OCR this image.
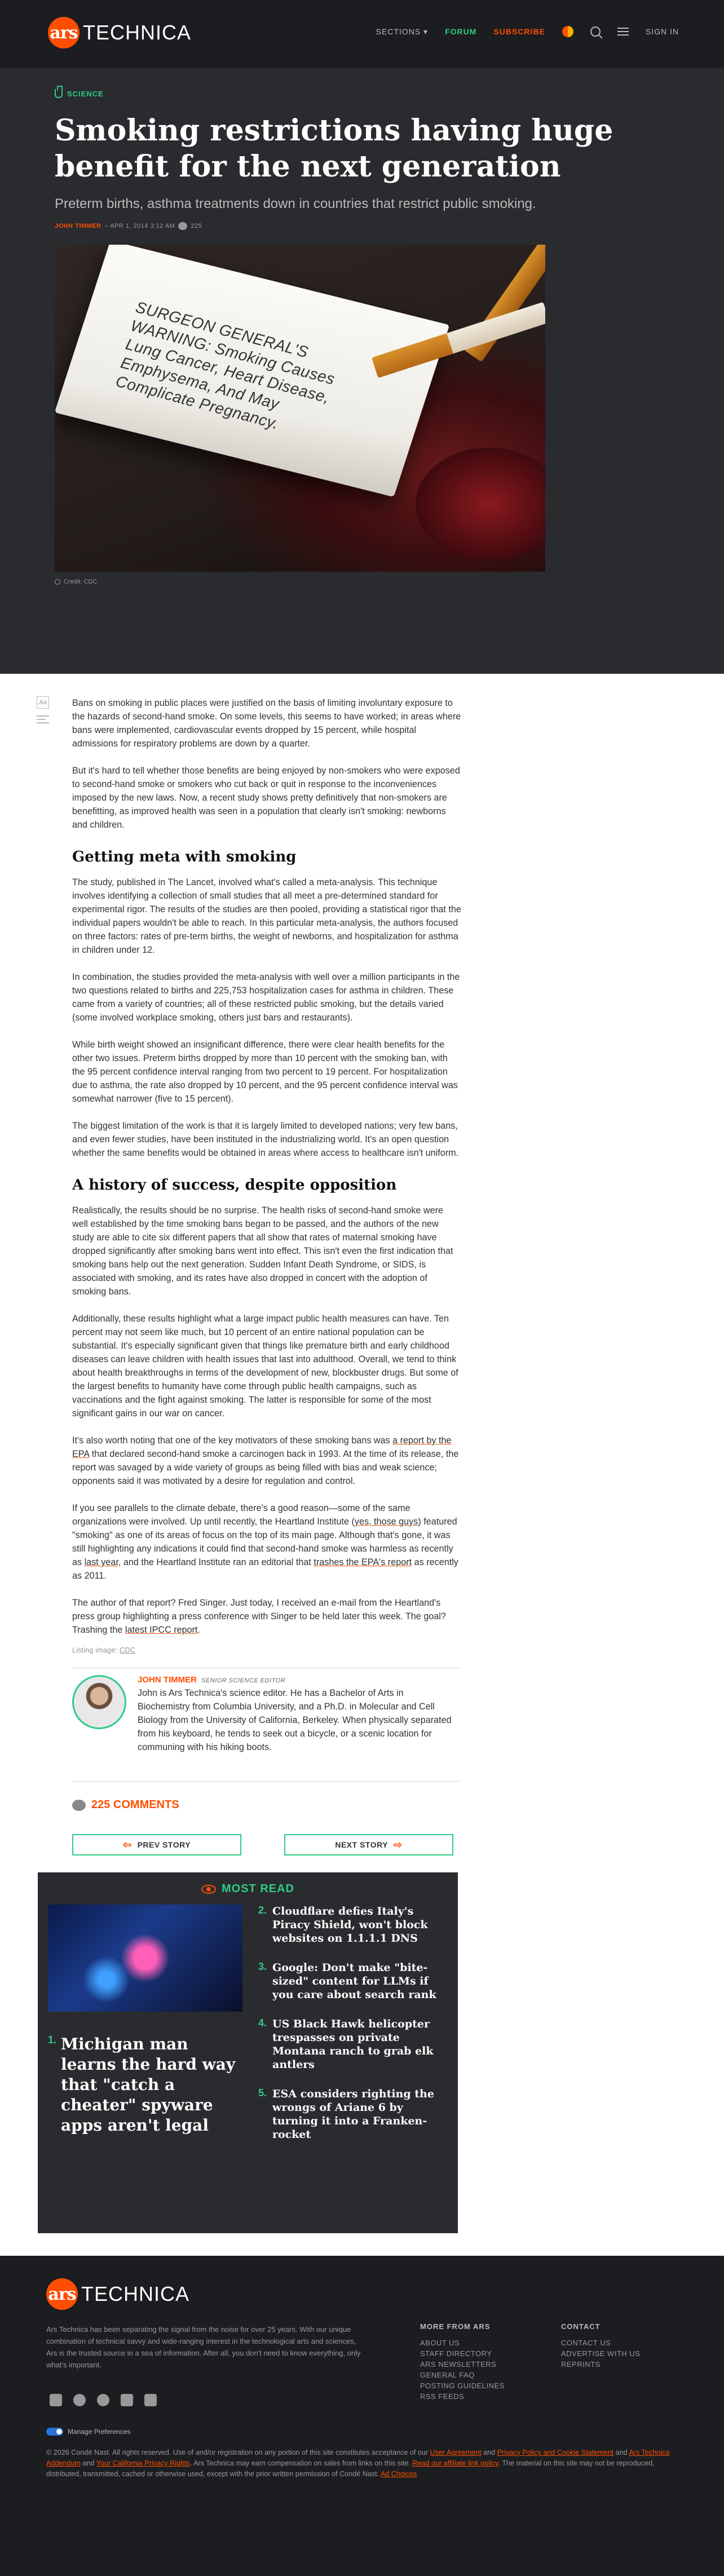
ars TECHNICA	SECTIONS ▾ FORUM SUBSCRIBE	SIGN IN
SCIENCE
Smoking restrictions having huge benefit for the next generation

Preterm births, asthma treatments down in countries that restrict public smoking.

JOHN TIMMER – APR 1, 2014 3:12 AM	225
SURGEON GENERAL'S WARNING: Smoking Causes Lung Cancer, Heart Disease, Emphysema, And May Complicate Pregnancy.
Credit: CDC
Aa	Bans on smoking in public places were justified on the basis of limiting involuntary exposure to the hazards of second-hand smoke. On some levels, this seems to have worked; in areas where bans were implemented, cardiovascular events dropped by 15 percent, while hospital admissions for respiratory problems are down by a quarter.

But it's hard to tell whether those benefits are being enjoyed by non-smokers who were exposed to second-hand smoke or smokers who cut back or quit in response to the inconveniences imposed by the new laws. Now, a recent study shows pretty definitively that non-smokers are benefitting, as improved health was seen in a population that clearly isn't smoking: newborns and children.

Getting meta with smoking

The study, published in The Lancet, involved what's called a meta-analysis. This technique involves identifying a collection of small studies that all meet a pre-determined standard for experimental rigor. The results of the studies are then pooled, providing a statistical rigor that the individual papers wouldn't be able to reach. In this particular meta-analysis, the authors focused on three factors: rates of pre-term births, the weight of newborns, and hospitalization for asthma in children under 12.

In combination, the studies provided the meta-analysis with well over a million participants in the two questions related to births and 225,753 hospitalization cases for asthma in children. These came from a variety of countries; all of these restricted public smoking, but the details varied (some involved workplace smoking, others just bars and restaurants).

While birth weight showed an insignificant difference, there were clear health benefits for the other two issues. Preterm births dropped by more than 10 percent with the smoking ban, with the 95 percent confidence interval ranging from two percent to 19 percent. For hospitalization due to asthma, the rate also dropped by 10 percent, and the 95 percent confidence interval was somewhat narrower (five to 15 percent).

The biggest limitation of the work is that it is largely limited to developed nations; very few bans, and even fewer studies, have been instituted in the industrializing world. It's an open question whether the same benefits would be obtained in areas where access to healthcare isn't uniform.

A history of success, despite opposition

Realistically, the results should be no surprise. The health risks of second-hand smoke were well established by the time smoking bans began to be passed, and the authors of the new study are able to cite six different papers that all show that rates of maternal smoking have dropped significantly after smoking bans went into effect. This isn't even the first indication that smoking bans help out the next generation. Sudden Infant Death Syndrome, or SIDS, is associated with smoking, and its rates have also dropped in concert with the adoption of smoking bans.

Additionally, these results highlight what a large impact public health measures can have. Ten percent may not seem like much, but 10 percent of an entire national population can be substantial. It's especially significant given that things like premature birth and early childhood diseases can leave children with health issues that last into adulthood. Overall, we tend to think about health breakthroughs in terms of the development of new, blockbuster drugs. But some of the largest benefits to humanity have come through public health campaigns, such as vaccinations and the fight against smoking. The latter is responsible for some of the most significant gains in our war on cancer.

It's also worth noting that one of the key motivators of these smoking bans was a report by the EPA that declared second-hand smoke a carcinogen back in 1993. At the time of its release, the report was savaged by a wide variety of groups as being filled with bias and weak science; opponents said it was motivated by a desire for regulation and control.

If you see parallels to the climate debate, there's a good reason—some of the same organizations were involved. Up until recently, the Heartland Institute (yes, those guys) featured "smoking" as one of its areas of focus on the top of its main page. Although that's gone, it was still highlighting any indications it could find that second-hand smoke was harmless as recently as last year, and the Heartland Institute ran an editorial that trashes the EPA's report as recently as 2011.

The author of that report? Fred Singer. Just today, I received an e-mail from the Heartland's press group highlighting a press conference with Singer to be held later this week. The goal? Trashing the latest IPCC report.

Listing image: CDC
JOHN TIMMER SENIOR SCIENCE EDITOR

John is Ars Technica's science editor. He has a Bachelor of Arts in Biochemistry from Columbia University, and a Ph.D. in Molecular and Cell Biology from the University of California, Berkeley. When physically separated from his keyboard, he tends to seek out a bicycle, or a scenic location for communing with his hiking boots.

225 COMMENTS
⇦ PREV STORY	NEXT STORY ⇨
MOST READ
1. Michigan man learns the hard way that "catch a cheater" spyware apps aren't legal
2. Cloudflare defies Italy's Piracy Shield, won't block websites on 1.1.1.1 DNS
3. Google: Don't make "bite-sized" content for LLMs if you care about search rank
4. US Black Hawk helicopter trespasses on private Montana ranch to grab elk antlers
5. ESA considers righting the wrongs of Ariane 6 by turning it into a Franken-rocket
ars TECHNICA

Ars Technica has been separating the signal from the noise for over 25 years. With our unique combination of technical savvy and wide-ranging interest in the technological arts and sciences, Ars is the trusted source in a sea of information. After all, you don't need to know everything, only what's important.

MORE FROM ARS
ABOUT US
STAFF DIRECTORY
ARS NEWSLETTERS
GENERAL FAQ
POSTING GUIDELINES
RSS FEEDS
CONTACT
CONTACT US
ADVERTISE WITH US
REPRINTS
Manage Preferences

© 2026 Condé Nast. All rights reserved. Use of and/or registration on any portion of this site constitutes acceptance of our User Agreement and Privacy Policy and Cookie Statement and Ars Technica Addendum and Your California Privacy Rights. Ars Technica may earn compensation on sales from links on this site. Read our affiliate link policy. The material on this site may not be reproduced, distributed, transmitted, cached or otherwise used, except with the prior written permission of Condé Nast. Ad Choices
